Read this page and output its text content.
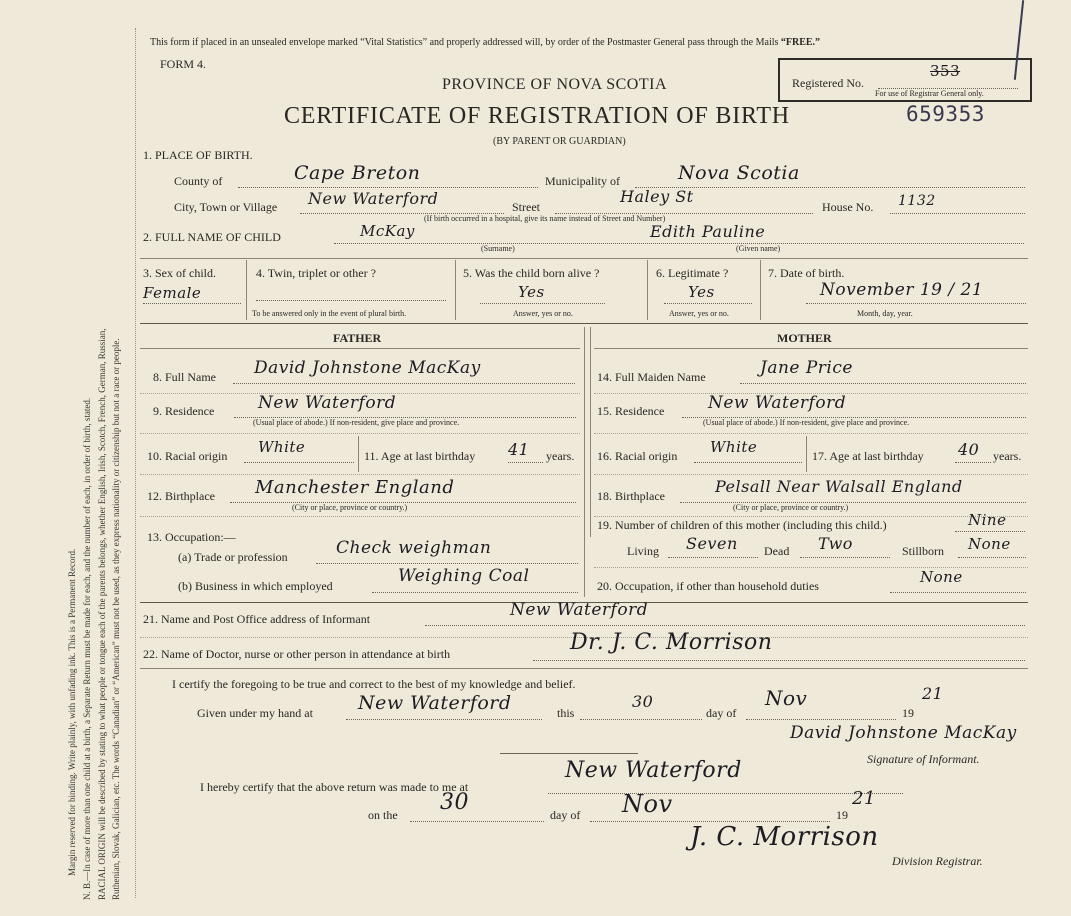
Margin reserved for binding. Write plainly, with unfading ink. This is a Permanent Record. N. B.—In case of more than one child at a birth, a Separate Return must be made for each, and the number of each, in order of birth, stated. RACIAL ORIGIN will be described by stating to what people or tongue each of the parents belongs, whether English, Irish, Scotch, French, German, Russian, Ruthenian, Slovak, Galician, etc. The words “Canadian” or “American” must not be used, as they express nationality or citizenship but not a race or people.
This form if placed in an unsealed envelope marked “Vital Statistics” and properly addressed will, by order of the Postmaster General pass through the Mails “FREE.”
FORM 4.
PROVINCE OF NOVA SCOTIA
CERTIFICATE OF REGISTRATION OF BIRTH
(BY PARENT OR GUARDIAN)
659353
Registered No.
353
For use of Registrar General only.
1. PLACE OF BIRTH.
County of	Cape Breton	Municipality of	Nova Scotia
City, Town or Village New Waterford	Street
Haley St
House No. 1132
(If birth occurred in a hospital, give its name instead of Street and Number)
2. FULL NAME OF CHILD	McKay
(Surname)
Edith Pauline
(Given name)
3. Sex of child.
Female
4. Twin, triplet or other ?
To be answered only in the event of plural birth.
5. Was the child born alive ?
Yes
Answer, yes or no.
6. Legitimate ?
Yes
Answer, yes or no.
7. Date of birth.
November 19 / 21
Month, day, year.
FATHER
8. Full Name David Johnstone MacKay
9. Residence	New Waterford
(Usual place of abode.) If non-resident, give place and province.
10. Racial origin White	11. Age at last birthday 41 years.
12. Birthplace Manchester England
(City or place, province or country.)
13. Occupation:—
(a) Trade or profession	Check weighman
(b) Business in which employed	Weighing Coal
MOTHER
14. Full Maiden Name	Jane Price
15. Residence	New Waterford
(Usual place of abode.) If non-resident, give place and province.
16. Racial origin White	17. Age at last birthday 40 years.
18. Birthplace	Pelsall Near Walsall England
(City or place, province or country.)
19. Number of children of this mother (including this child.)	Nine
Living Seven Dead Two	Stillborn None
20. Occupation, if other than household duties	None
21. Name and Post Office address of Informant	New Waterford
22. Name of Doctor, nurse or other person in attendance at birth	Dr. J. C. Morrison
I certify the foregoing to be true and correct to the best of my knowledge and belief.
Given under my hand at New Waterford	this
30
day of
Nov
19
21
David Johnstone MacKay
Signature of Informant.
I hereby certify that the above return was made to me at
New Waterford
on the 30	day of Nov	19
21
J. C. Morrison
Division Registrar.
